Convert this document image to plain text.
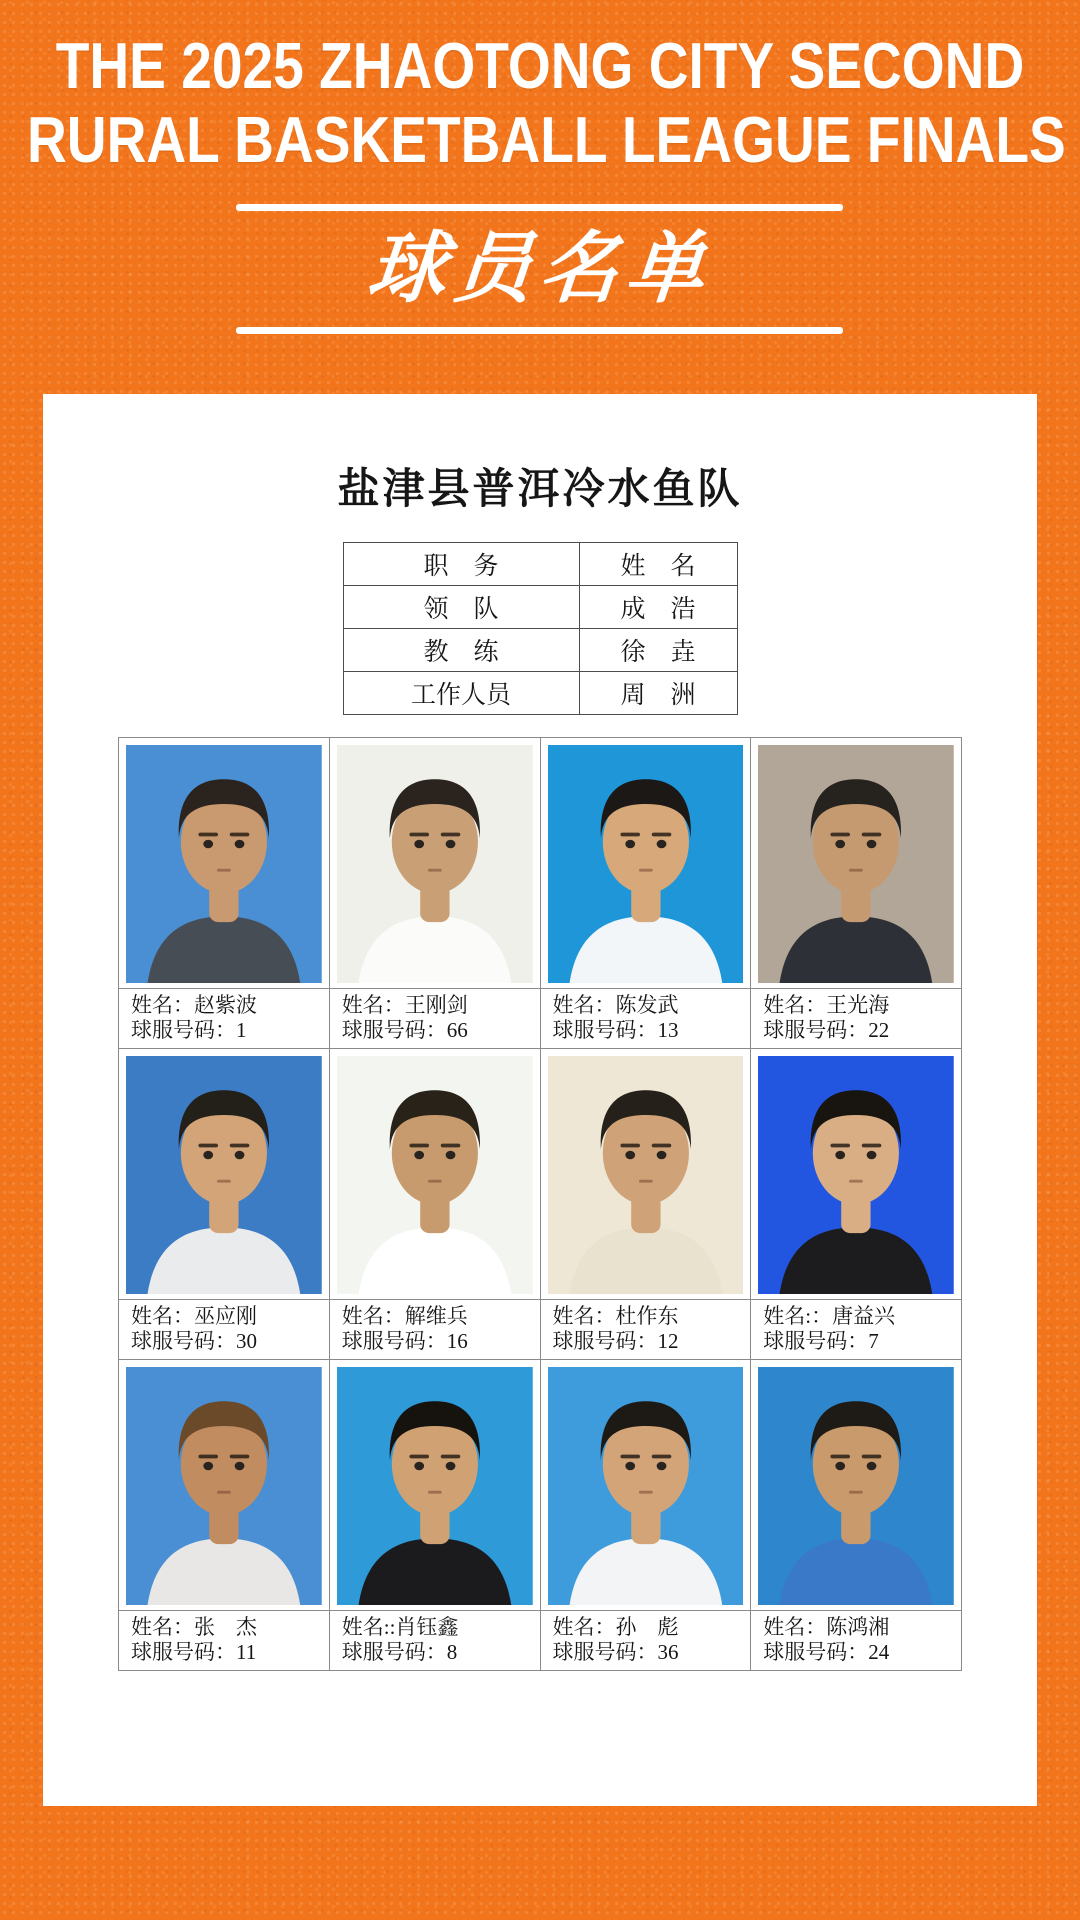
THE 2025 ZHAOTONG CITY SECOND
RURAL BASKETBALL LEAGUE FINALS
球员名单
盐津县普洱冷水鱼队
职　务	姓　名
领　队	成　浩
教　练	徐　垚
工作人员	周　洲
姓名：赵紫波
球服号码：1
姓名：王刚剑
球服号码：66
姓名：陈发武
球服号码：13
姓名：王光海
球服号码：22
姓名：巫应刚
球服号码：30
姓名：解维兵
球服号码：16
姓名：杜作东
球服号码：12
姓名:：唐益兴
球服号码：7
姓名：张　杰
球服号码：11
姓名::肖钰鑫
球服号码：8
姓名：孙　彪
球服号码：36
姓名：陈鸿湘
球服号码：24
